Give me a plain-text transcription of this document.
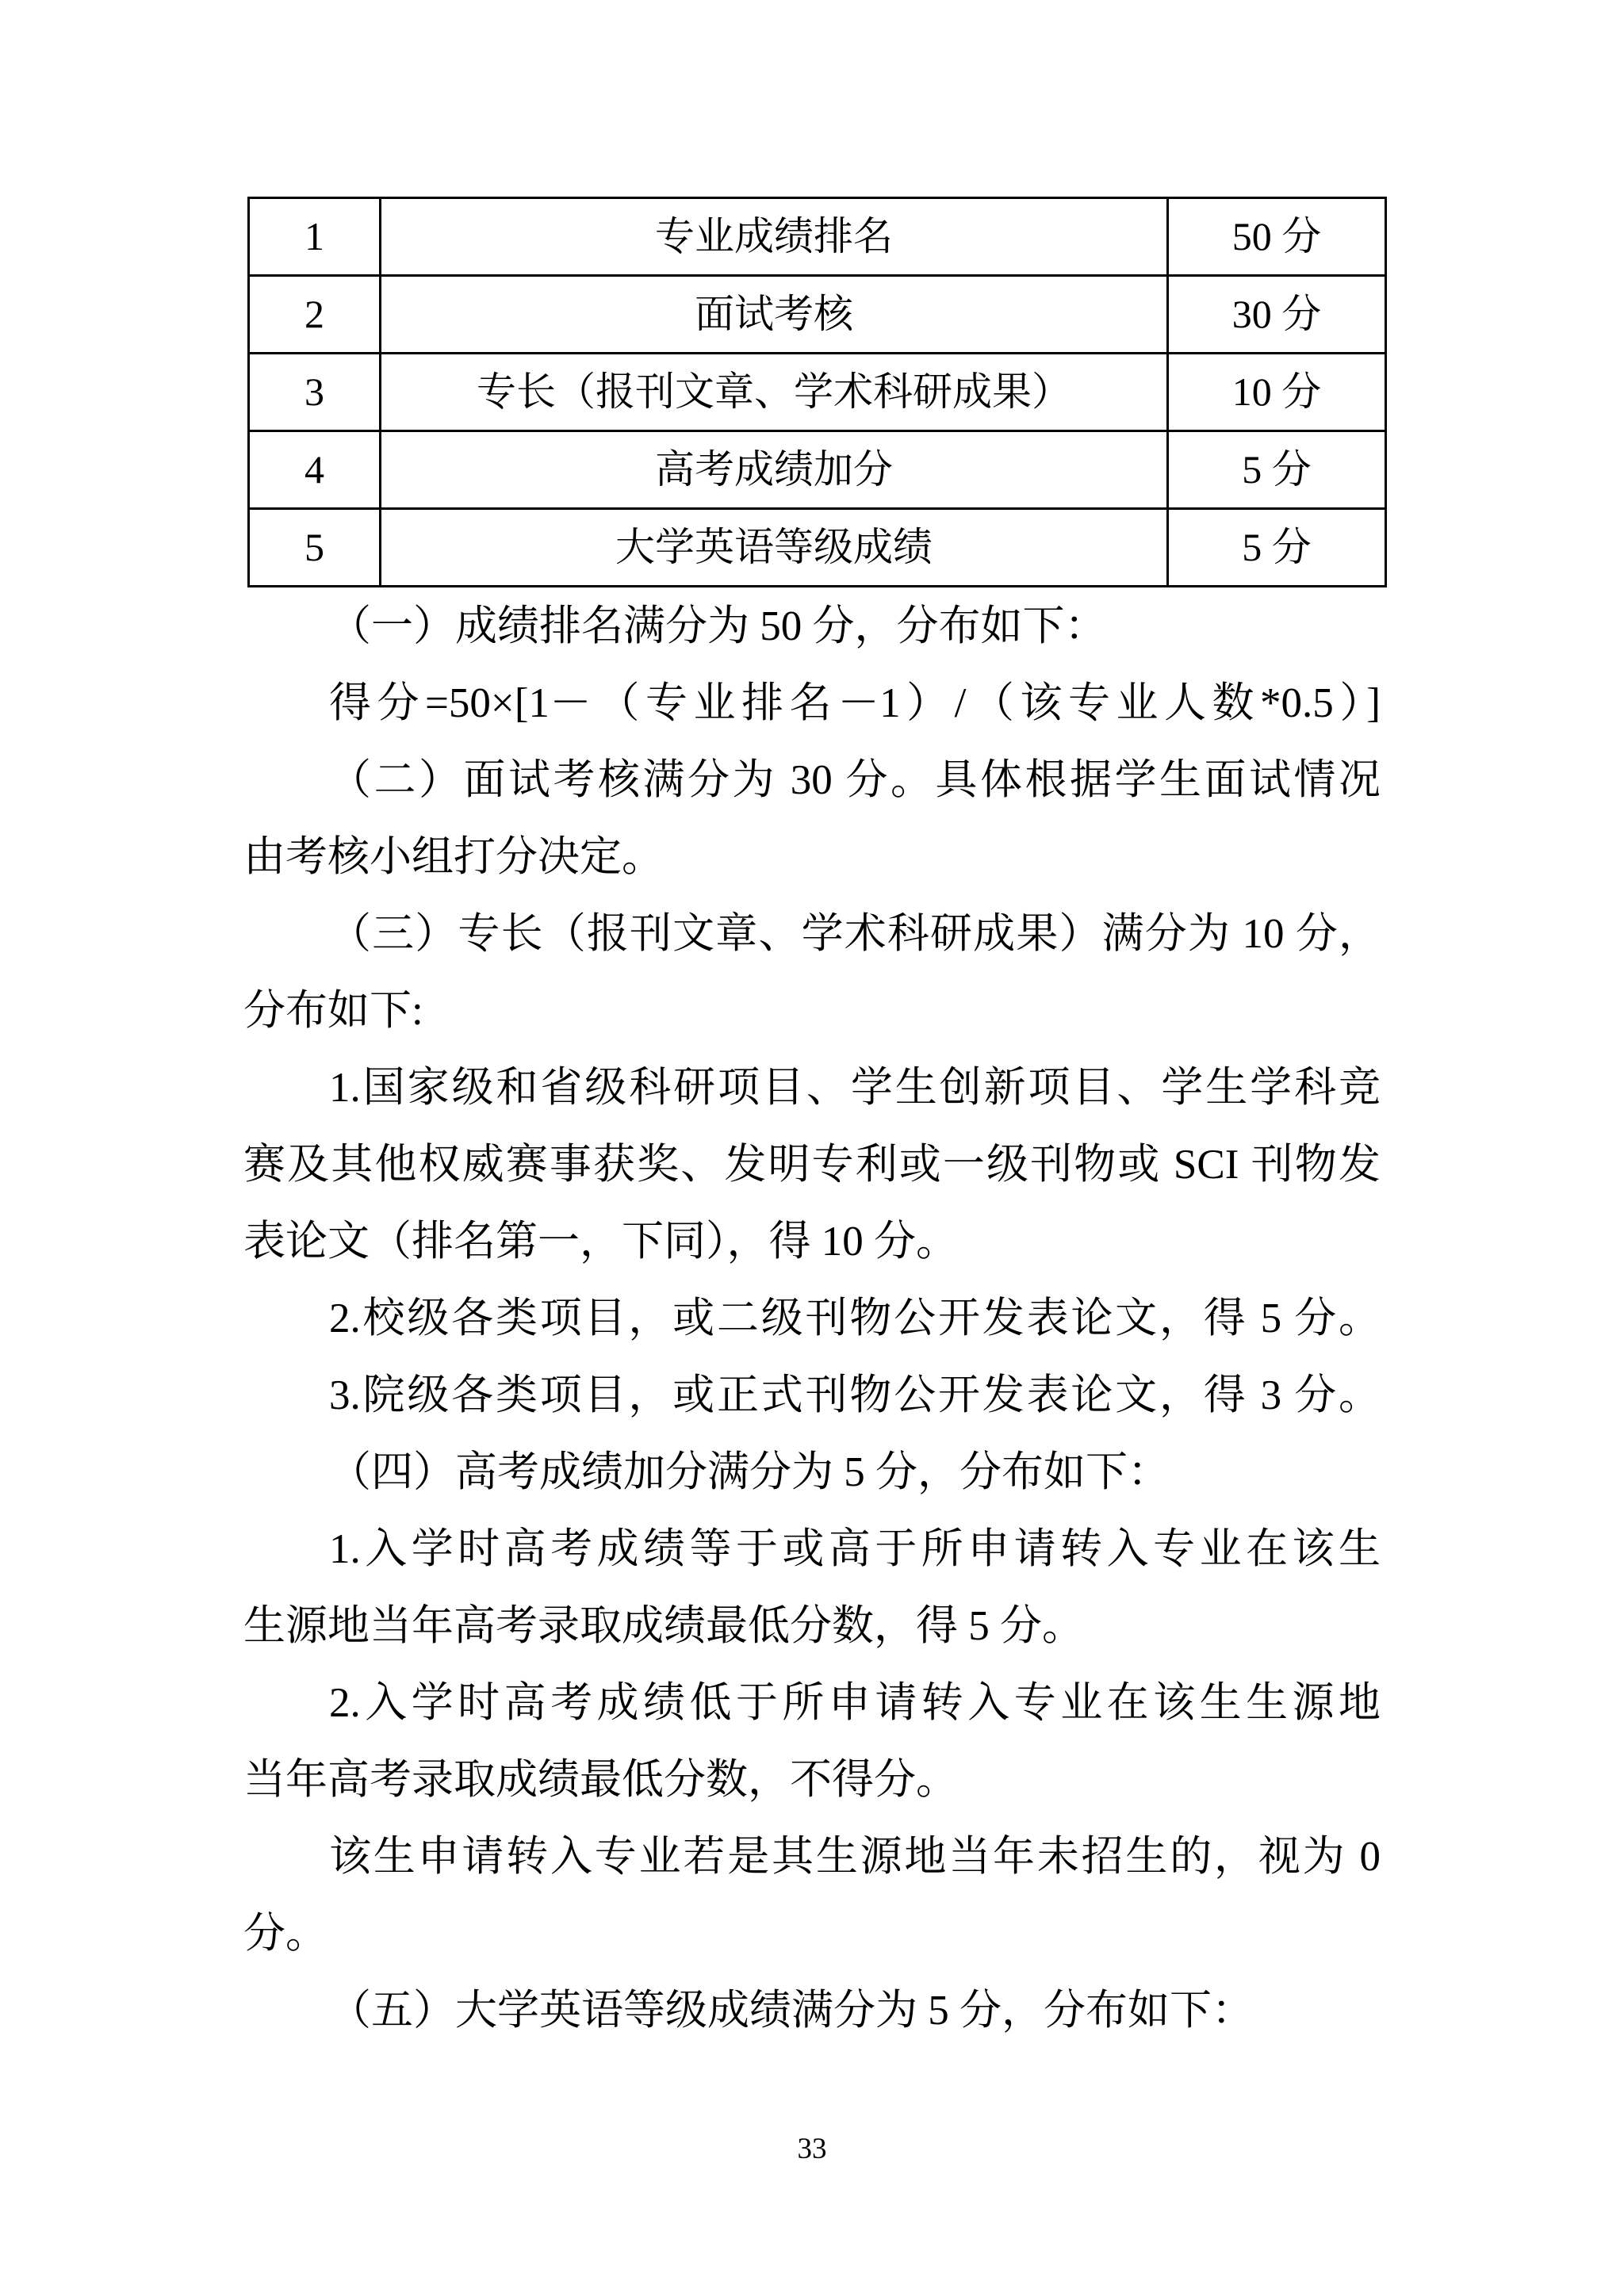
1	专业成绩排名	50 分
2	面试考核	30 分
3	专长（报刊文章、学术科研成果）	10 分
4	高考成绩加分	5 分
5	大学英语等级成绩	5 分
（一）成绩排名满分为 50 分，分布如下：
得分=50×[1－（专业排名－1）/（该专业人数*0.5）]
（二）面试考核满分为 30 分。具体根据学生面试情况
由考核小组打分决定。
（三）专长（报刊文章、学术科研成果）满分为 10 分，
分布如下:
1.国家级和省级科研项目、学生创新项目、学生学科竞
赛及其他权威赛事获奖、发明专利或一级刊物或 SCI 刊物发
表论文（排名第一，下同），得 10 分。
2.校级各类项目，或二级刊物公开发表论文，得 5 分。
3.院级各类项目，或正式刊物公开发表论文，得 3 分。
（四）高考成绩加分满分为 5 分，分布如下：
1.入学时高考成绩等于或高于所申请转入专业在该生
生源地当年高考录取成绩最低分数，得 5 分。
2.入学时高考成绩低于所申请转入专业在该生生源地
当年高考录取成绩最低分数，不得分。
该生申请转入专业若是其生源地当年未招生的，视为 0
分。
（五）大学英语等级成绩满分为 5 分，分布如下：
33
